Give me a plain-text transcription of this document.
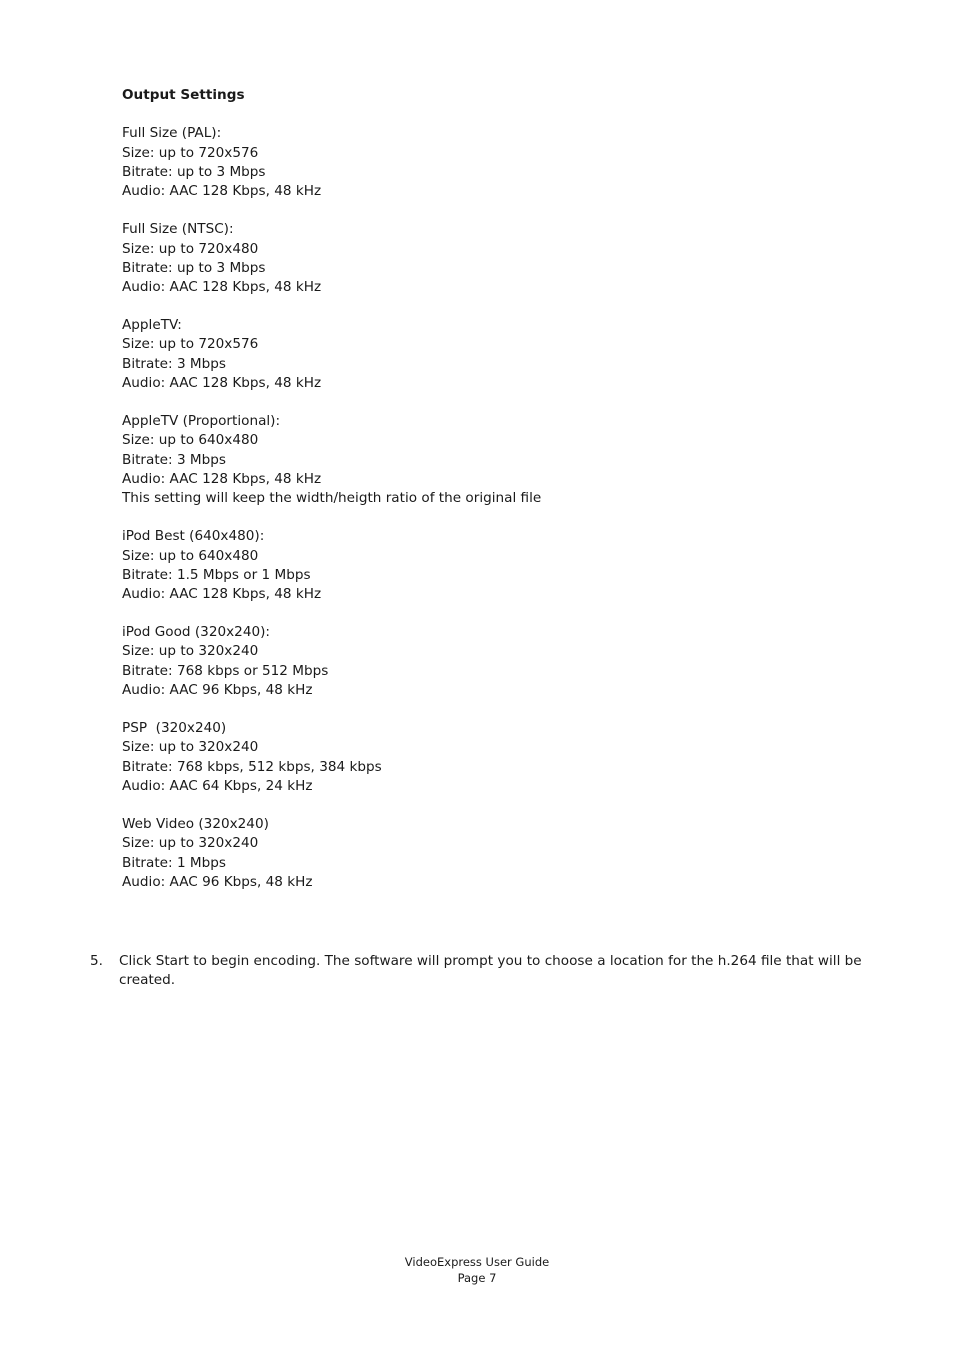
Output Settings
Full Size (PAL):
Size: up to 720x576
Bitrate: up to 3 Mbps
Audio: AAC 128 Kbps, 48 kHz
Full Size (NTSC):
Size: up to 720x480
Bitrate: up to 3 Mbps
Audio: AAC 128 Kbps, 48 kHz
AppleTV:
Size: up to 720x576
Bitrate: 3 Mbps
Audio: AAC 128 Kbps, 48 kHz
AppleTV (Proportional):
Size: up to 640x480
Bitrate: 3 Mbps
Audio: AAC 128 Kbps, 48 kHz
This setting will keep the width/heigth ratio of the original file
iPod Best (640x480):
Size: up to 640x480
Bitrate: 1.5 Mbps or 1 Mbps
Audio: AAC 128 Kbps, 48 kHz
iPod Good (320x240):
Size: up to 320x240
Bitrate: 768 kbps or 512 Mbps
Audio: AAC 96 Kbps, 48 kHz
PSP  (320x240)
Size: up to 320x240
Bitrate: 768 kbps, 512 kbps, 384 kbps
Audio: AAC 64 Kbps, 24 kHz
Web Video (320x240)
Size: up to 320x240
Bitrate: 1 Mbps
Audio: AAC 96 Kbps, 48 kHz
5. Click Start to begin encoding. The software will prompt you to choose a location for the h.264 file that will be
created.
VideoExpress User Guide
Page 7
